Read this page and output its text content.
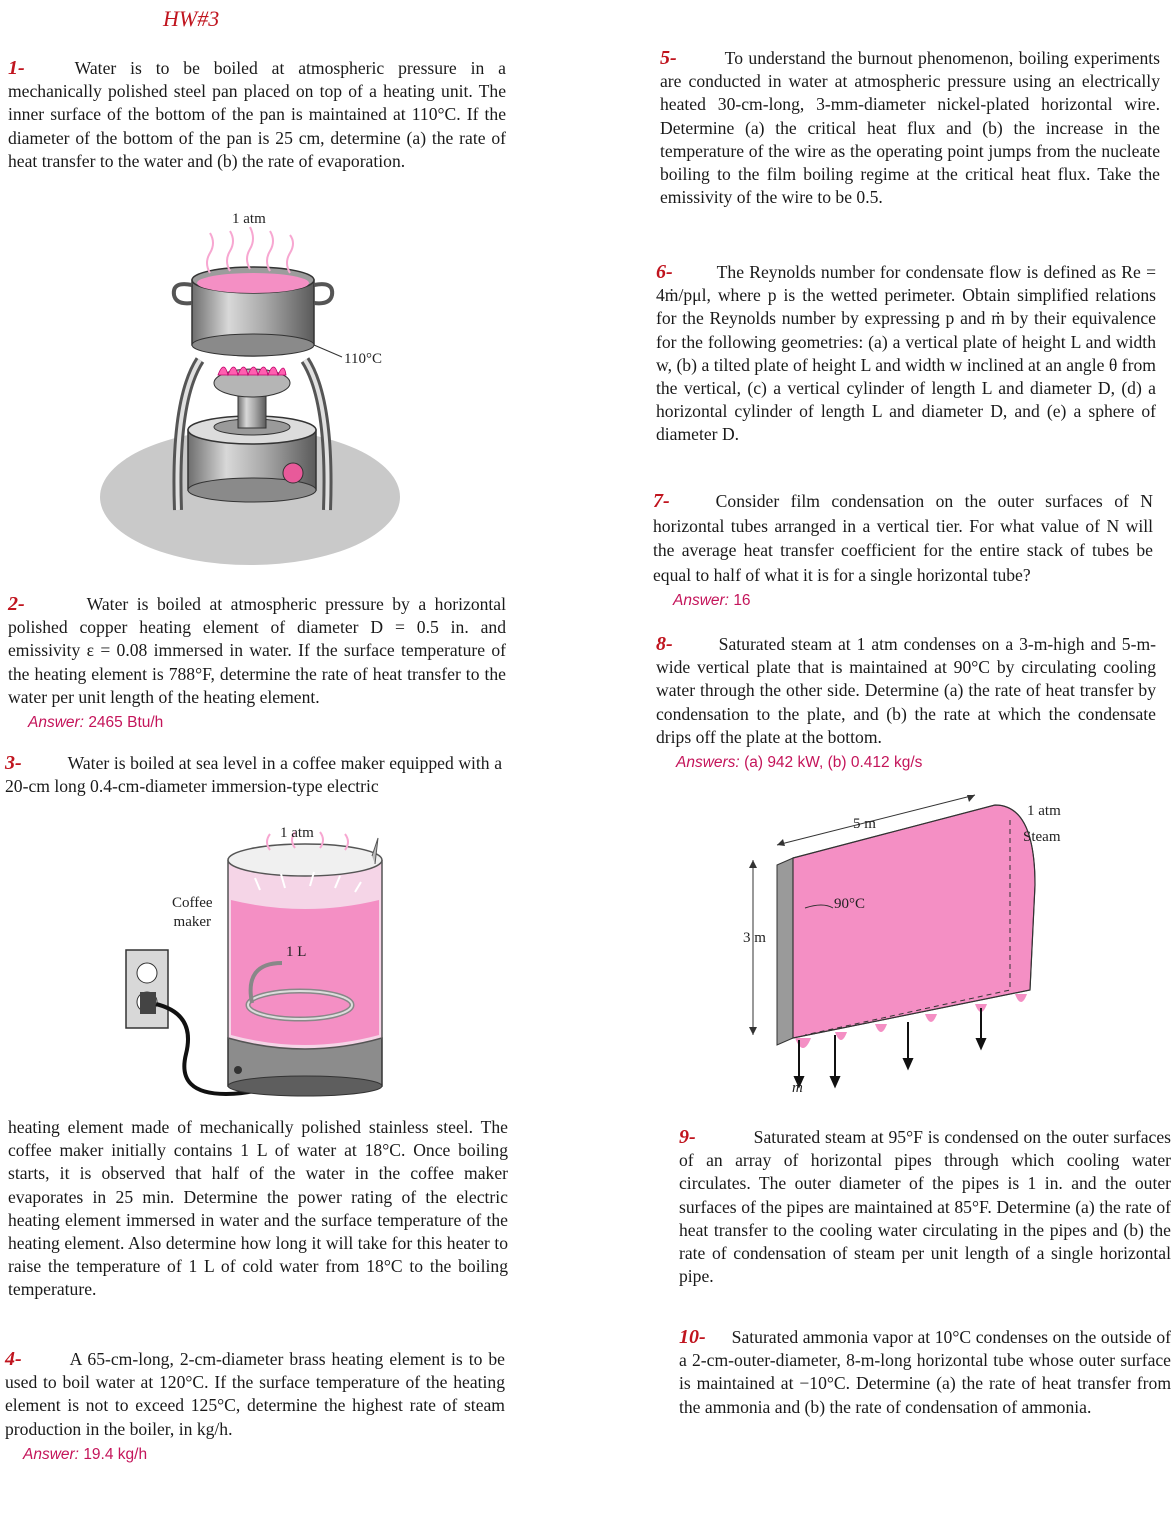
HW#3

1-	Water is to be boiled at atmospheric pressure in a mechanically polished steel pan placed on top of a heating unit. The inner surface of the bottom of the pan is maintained at 110°C. If the diameter of the bottom of the pan is 25 cm, determine (a) the rate of heat transfer to the water and (b) the rate of evaporation.

1 atm
110°C

2-	Water is boiled at atmospheric pressure by a horizontal polished copper heating element of diameter D = 0.5 in. and emissivity ε = 0.08 immersed in water. If the surface temperature of the heating element is 788°F, determine the rate of heat transfer to the water per unit length of the heating element.

Answer: 2465 Btu/h

3-	Water is boiled at sea level in a coffee maker equipped with a 20-cm long 0.4-cm-diameter immersion-type electric

1 atm
Coffee
maker
1 L

heating element made of mechanically polished stainless steel. The coffee maker initially contains 1 L of water at 18°C. Once boiling starts, it is observed that half of the water in the coffee maker evaporates in 25 min. Determine the power rating of the electric heating element immersed in water and the surface temperature of the heating element. Also determine how long it will take for this heater to raise the temperature of 1 L of cold water from 18°C to the boiling temperature.

4-	A 65-cm-long, 2-cm-diameter brass heating element is to be used to boil water at 120°C. If the surface temperature of the heating element is not to exceed 125°C, determine the highest rate of steam production in the boiler, in kg/h.

Answer: 19.4 kg/h

5-	To understand the burnout phenomenon, boiling experiments are conducted in water at atmospheric pressure using an electrically heated 30-cm-long, 3-mm-diameter nickel-plated horizontal wire. Determine (a) the critical heat flux and (b) the increase in the temperature of the wire as the operating point jumps from the nucleate boiling to the film boiling regime at the critical heat flux. Take the emissivity of the wire to be 0.5.

6-	The Reynolds number for condensate flow is defined as Re = 4ṁ/pμl, where p is the wetted perimeter. Obtain simplified relations for the Reynolds number by expressing p and ṁ by their equivalence for the following geometries: (a) a vertical plate of height L and width w, (b) a tilted plate of height L and width w inclined at an angle θ from the vertical, (c) a vertical cylinder of length L and diameter D, (d) a horizontal cylinder of length L and diameter D, and (e) a sphere of diameter D.

7-	Consider film condensation on the outer surfaces of N horizontal tubes arranged in a vertical tier. For what value of N will the average heat transfer coefficient for the entire stack of tubes be equal to half of what it is for a single horizontal tube?

Answer: 16

8-	Saturated steam at 1 atm condenses on a 3-m-high and 5-m-wide vertical plate that is maintained at 90°C by circulating cooling water through the other side. Determine (a) the rate of heat transfer by condensation to the plate, and (b) the rate at which the condensate drips off the plate at the bottom.

Answers: (a) 942 kW, (b) 0.412 kg/s
5 m
3 m
1 atm
Steam
90°C
ṁ

9-	Saturated steam at 95°F is condensed on the outer surfaces of an array of horizontal pipes through which cooling water circulates. The outer diameter of the pipes is 1 in. and the outer surfaces of the pipes are maintained at 85°F. Determine (a) the rate of heat transfer to the cooling water circulating in the pipes and (b) the rate of condensation of steam per unit length of a single horizontal pipe.

10- Saturated ammonia vapor at 10°C condenses on the outside of a 2-cm-outer-diameter, 8-m-long horizontal tube whose outer surface is maintained at −10°C. Determine (a) the rate of heat transfer from the ammonia and (b) the rate of condensation of ammonia.
